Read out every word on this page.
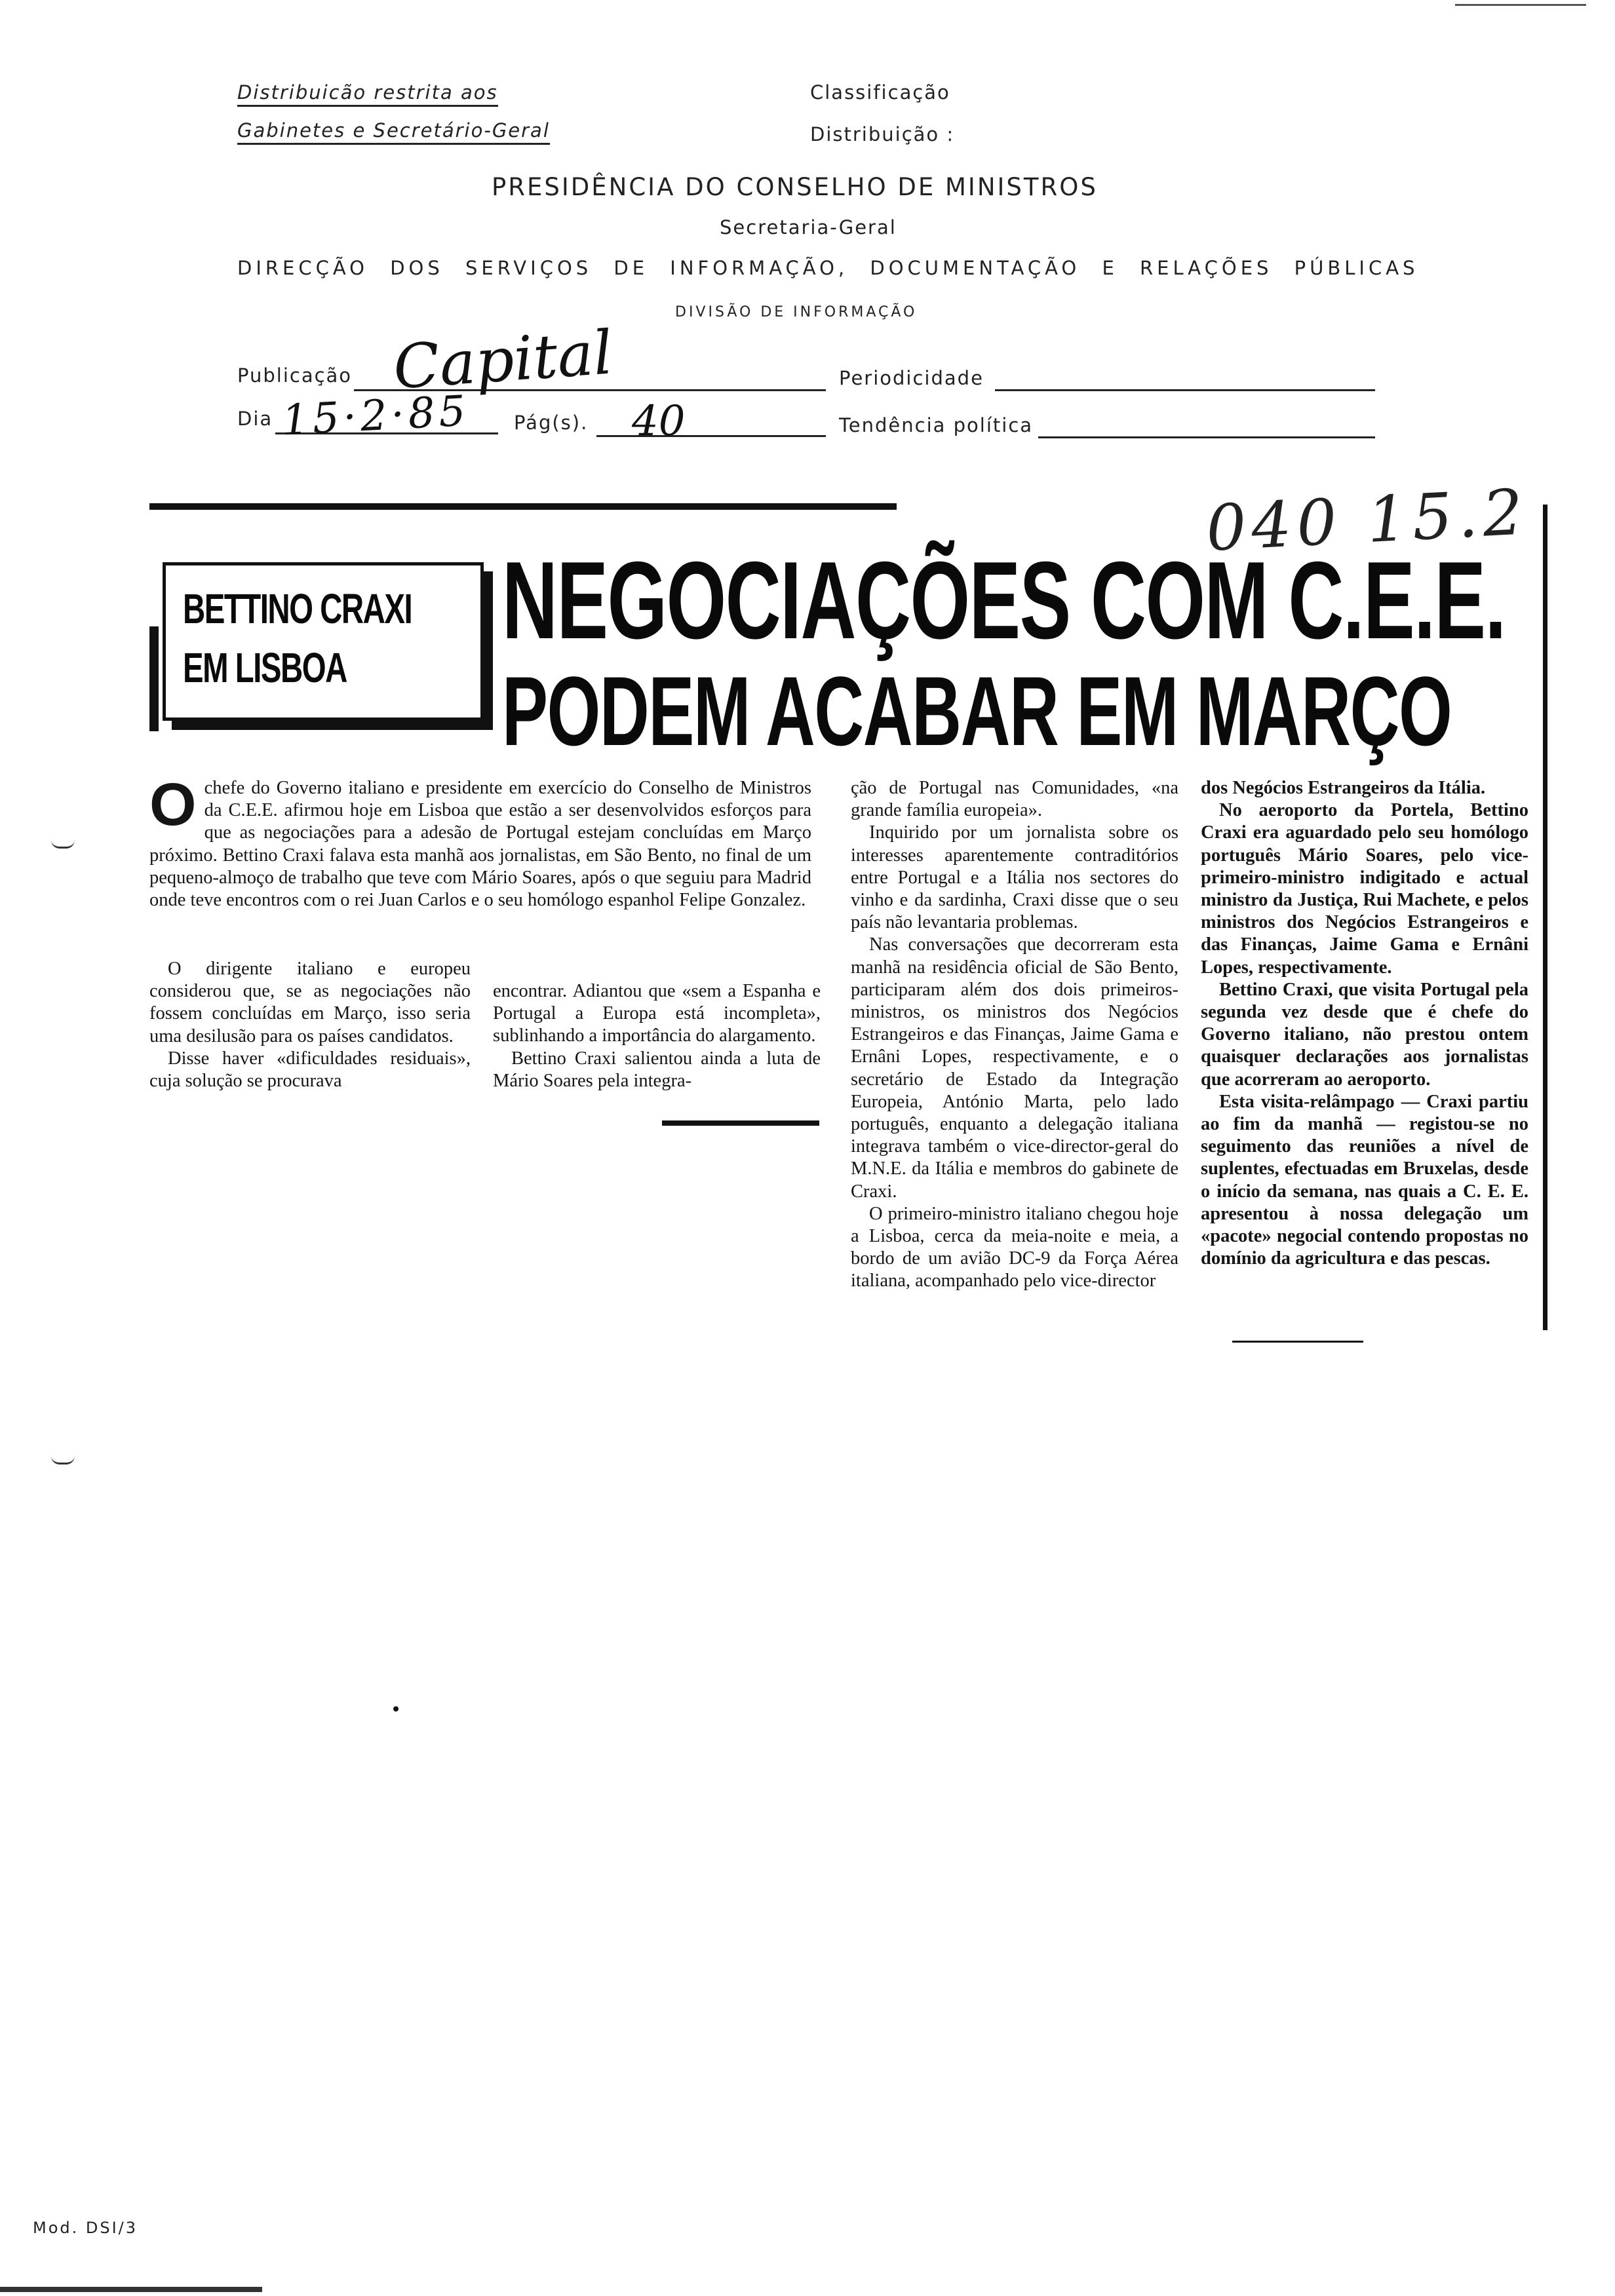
Distribuicão restrita aos
Gabinetes e Secretário-Geral
Classificação
Distribuição :
PRESIDÊNCIA DO CONSELHO DE MINISTROS
Secretaria-Geral
DIRECÇÃO DOS SERVIÇOS DE INFORMAÇÃO, DOCUMENTAÇÃO E RELAÇÕES PÚBLICAS
DIVISÃO DE INFORMAÇÃO
Publicação Capital	Periodicidade
Dia 15·2·85 Pág(s). 40	Tendência política
040 15.2
BETTINO CRAXI
EM LISBOA
NEGOCIAÇÕES COM C.E.E.
PODEM ACABAR EM MARÇO
O chefe do Governo italiano e presidente em exercício do Conselho de Ministros da C.E.E. afirmou hoje em Lisboa que estão a ser desenvolvidos esforços para que as negociações para a adesão de Portugal estejam concluídas em Março próximo. Bettino Craxi falava esta manhã aos jornalistas, em São Bento, no final de um pequeno-almoço de trabalho que teve com Mário Soares, após o que seguiu para Madrid onde teve encontros com o rei Juan Carlos e o seu homólogo espanhol Felipe Gonzalez.

O dirigente italiano e europeu considerou que, se as negociações não fossem concluídas em Março, isso seria uma desilusão para os países candidatos.

Disse haver «dificuldades residuais», cuja solução se procurava

encontrar. Adiantou que «sem a Espanha e Portugal a Europa está incompleta», sublinhando a importância do alargamento.

Bettino Craxi salientou ainda a luta de Mário Soares pela integra-

ção de Portugal nas Comunidades, «na grande família europeia».

Inquirido por um jornalista sobre os interesses aparentemente contraditórios entre Portugal e a Itália nos sectores do vinho e da sardinha, Craxi disse que o seu país não levantaria problemas.

Nas conversações que decorreram esta manhã na residência oficial de São Bento, participaram além dos dois primeiros-ministros, os ministros dos Negócios Estrangeiros e das Finanças, Jaime Gama e Ernâni Lopes, respectivamente, e o secretário de Estado da Integração Europeia, António Marta, pelo lado português, enquanto a delegação italiana integrava também o vice-director-geral do M.N.E. da Itália e membros do gabinete de Craxi.

O primeiro-ministro italiano chegou hoje a Lisboa, cerca da meia-noite e meia, a bordo de um avião DC-9 da Força Aérea italiana, acompanhado pelo vice-director

dos Negócios Estrangeiros da Itália.

No aeroporto da Portela, Bettino Craxi era aguardado pelo seu homólogo português Mário Soares, pelo vice-primeiro-ministro indigitado e actual ministro da Justiça, Rui Machete, e pelos ministros dos Negócios Estrangeiros e das Finanças, Jaime Gama e Ernâni Lopes, respectivamente.

Bettino Craxi, que visita Portugal pela segunda vez desde que é chefe do Governo italiano, não prestou ontem quaisquer declarações aos jornalistas que acorreram ao aeroporto.

Esta visita-relâmpago — Craxi partiu ao fim da manhã — registou-se no seguimento das reuniões a nível de suplentes, efectuadas em Bruxelas, desde o início da semana, nas quais a C. E. E. apresentou à nossa delegação um «pacote» negocial contendo propostas no domínio da agricultura e das pescas.

Mod. DSI/3
